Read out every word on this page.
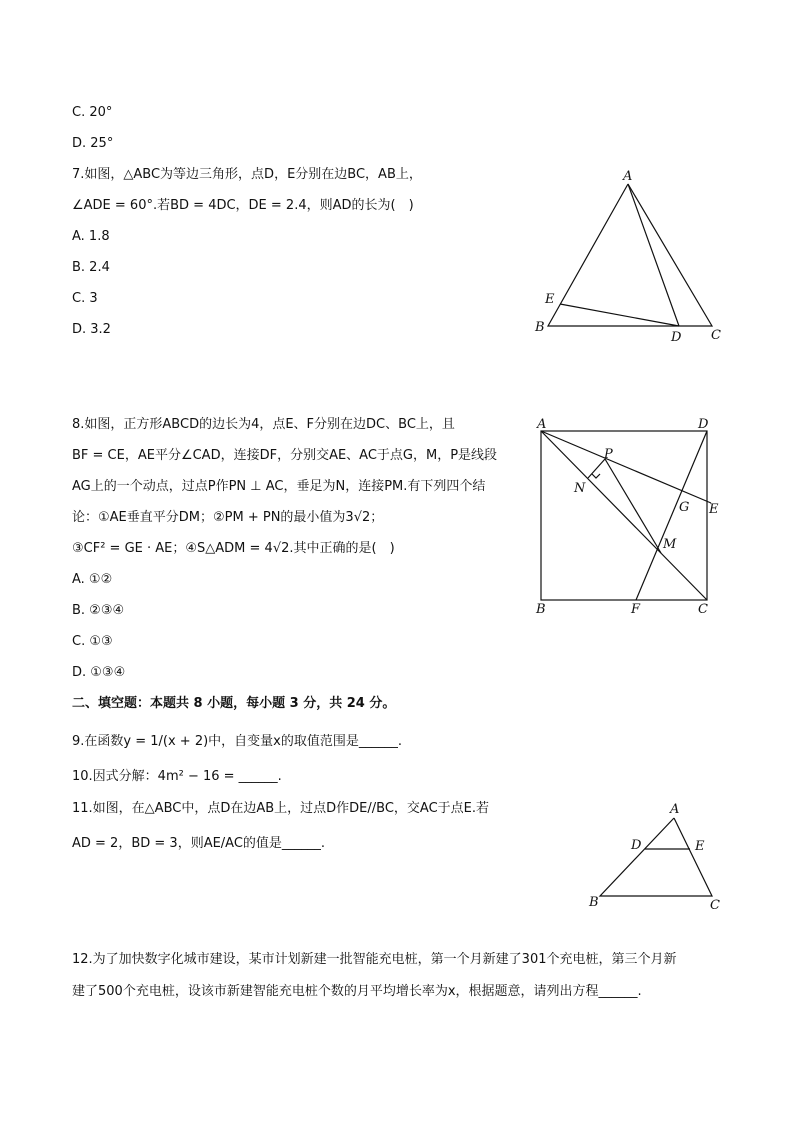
C. 20°
D. 25°
7.如图，△ABC为等边三角形，点D，E分别在边BC，AB上，
∠ADE = 60°.若BD = 4DC，DE = 2.4，则AD的长为(　)
A. 1.8
B. 2.4
C. 3
D. 3.2
A
B
C
D
E
8.如图，正方形ABCD的边长为4，点E、F分别在边DC、BC上，且
BF = CE，AE平分∠CAD，连接DF，分别交AE、AC于点G，M，P是线段
AG上的一个动点，过点P作PN ⊥ AC，垂足为N，连接PM.有下列四个结
论：①AE垂直平分DM；②PM + PN的最小值为3√2；
③CF² = GE · AE；④S△ADM = 4√2.其中正确的是(　)
A. ①②
B. ②③④
C. ①③
D. ①③④
A
B	C
D
E
F
G
M
N
P
二、填空题：本题共 8 小题，每小题 3 分，共 24 分。
9.在函数y = 1/(x + 2)中，自变量x的取值范围是______.
10.因式分解：4m² − 16 = ______.
11.如图，在△ABC中，点D在边AB上，过点D作DE//BC，交AC于点E.若
AD = 2，BD = 3，则AE/AC的值是______.
A
B	C
D	E
12.为了加快数字化城市建设，某市计划新建一批智能充电桩，第一个月新建了301个充电桩，第三个月新
建了500个充电桩，设该市新建智能充电桩个数的月平均增长率为x，根据题意，请列出方程______.
